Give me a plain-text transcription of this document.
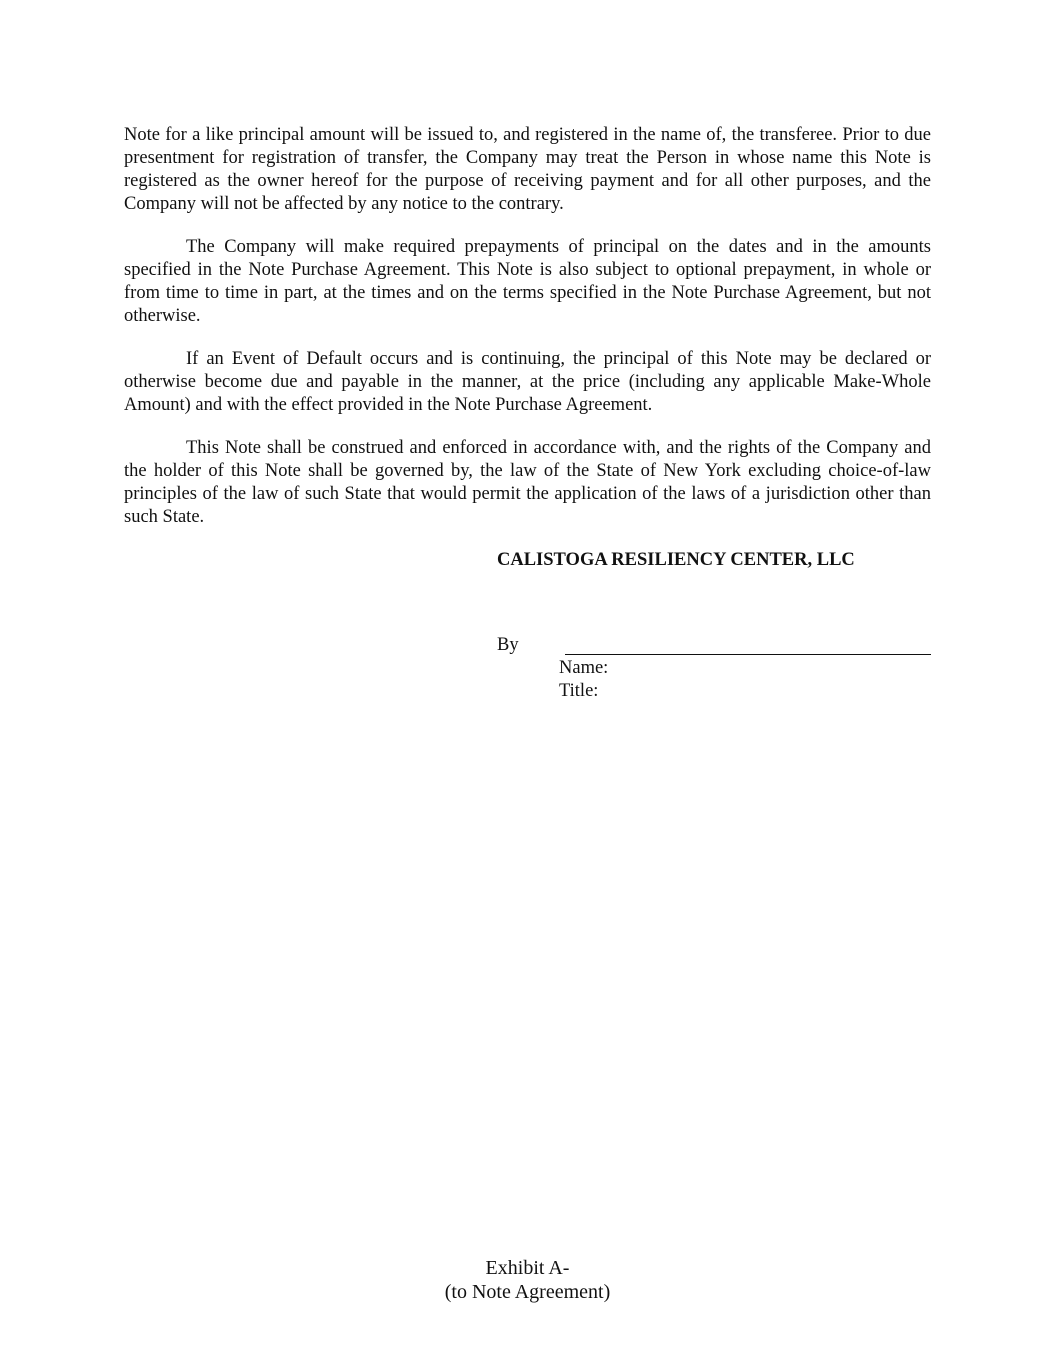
Note for a like principal amount will be issued to, and registered in the name of, the transferee. Prior to due presentment for registration of transfer, the Company may treat the Person in whose name this Note is registered as the owner hereof for the purpose of receiving payment and for all other purposes, and the Company will not be affected by any notice to the contrary.

The Company will make required prepayments of principal on the dates and in the amounts specified in the Note Purchase Agreement. This Note is also subject to optional prepayment, in whole or from time to time in part, at the times and on the terms specified in the Note Purchase Agreement, but not otherwise.

If an Event of Default occurs and is continuing, the principal of this Note may be declared or otherwise become due and payable in the manner, at the price (including any applicable Make-Whole Amount) and with the effect provided in the Note Purchase Agreement.

This Note shall be construed and enforced in accordance with, and the rights of the Company and the holder of this Note shall be governed by, the law of the State of New York excluding choice-of-law principles of the law of such State that would permit the application of the laws of a jurisdiction other than such State.

CALISTOGA RESILIENCY CENTER, LLC
By
Name:
Title:
Exhibit A-
(to Note Agreement)
